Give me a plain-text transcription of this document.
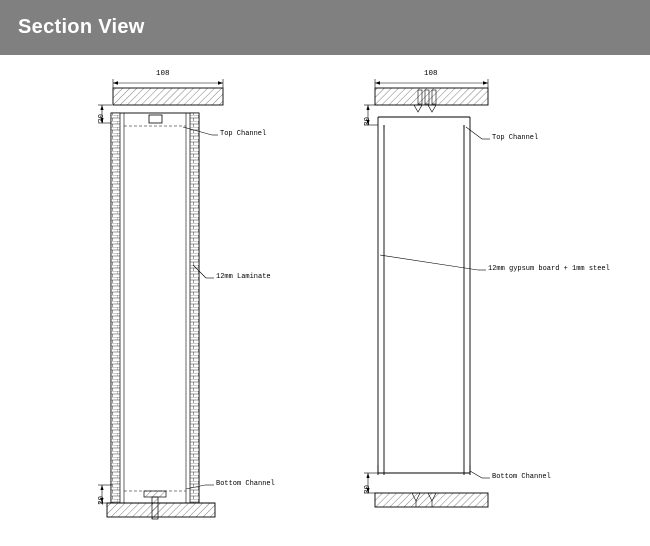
Section View
108
20
20
Top Channel
12mm Laminate
Bottom Channel
108
30
30
Top Channel
12mm gypsum board + 1mm steel
Bottom Channel
